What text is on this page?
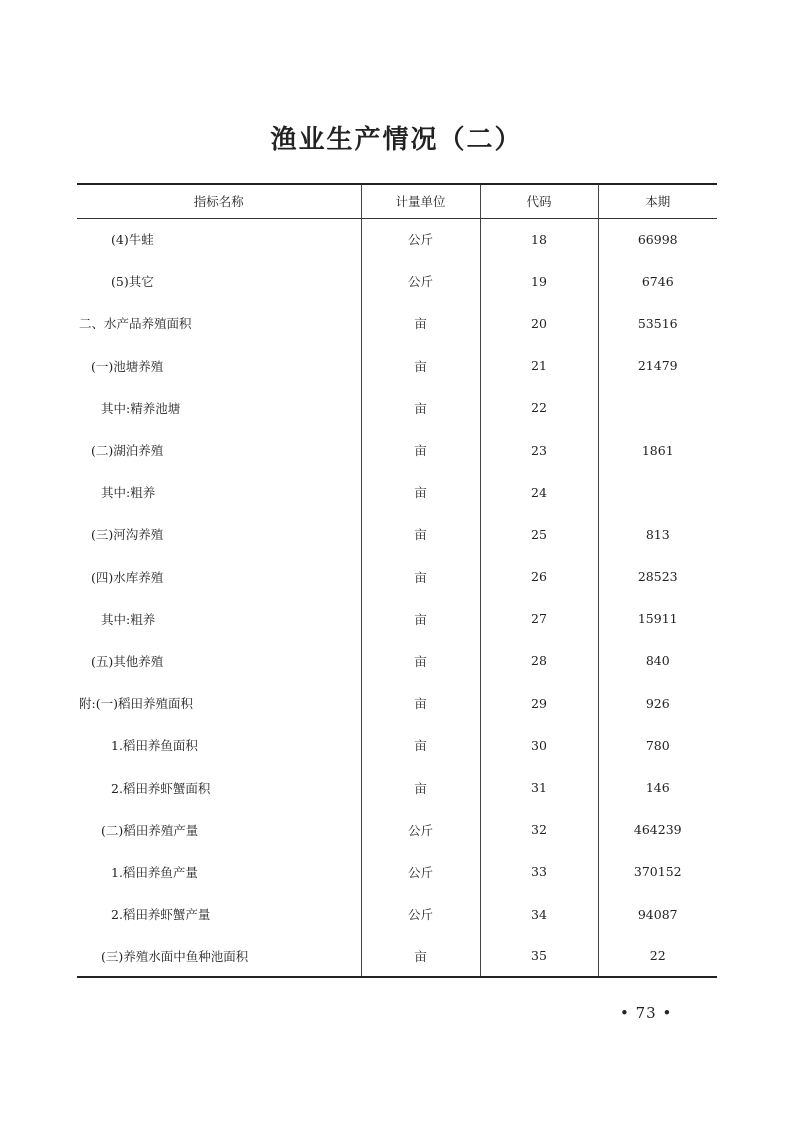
渔业生产情况（二）
指标名称	计量单位	代码	本期
(4)牛蛙	公斤	18	66998
(5)其它	公斤	19	6746
二、水产品养殖面积	亩	20	53516
(一)池塘养殖	亩	21	21479
其中:精养池塘	亩	22	
(二)湖泊养殖	亩	23	1861
其中:粗养	亩	24	
(三)河沟养殖	亩	25	813
(四)水库养殖	亩	26	28523
其中:粗养	亩	27	15911
(五)其他养殖	亩	28	840
附:(一)稻田养殖面积	亩	29	926
1.稻田养鱼面积	亩	30	780
2.稻田养虾蟹面积	亩	31	146
(二)稻田养殖产量	公斤	32	464239
1.稻田养鱼产量	公斤	33	370152
2.稻田养虾蟹产量	公斤	34	94087
(三)养殖水面中鱼种池面积	亩	35	22
• 73 •
